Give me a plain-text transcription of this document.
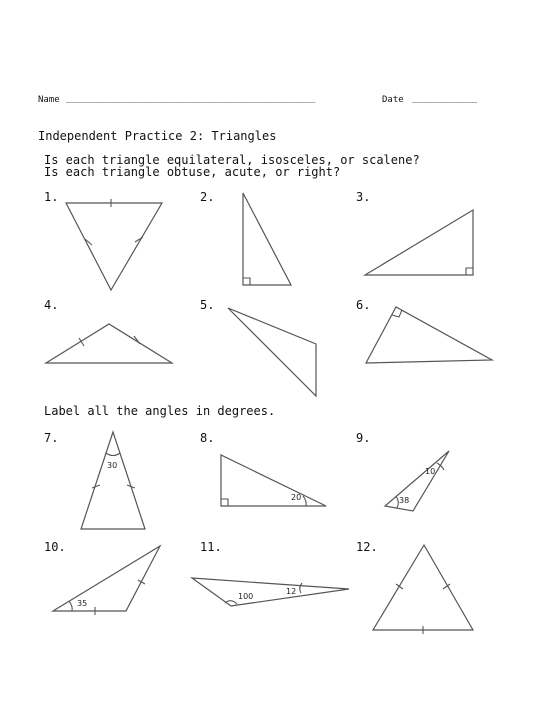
Name ______________________________________________	Date ____________
Independent Practice 2: Triangles
Is each triangle equilateral, isosceles, or scalene?
Is each triangle obtuse, acute, or right?
Label all the angles in degrees.
1.	2.	3.
4.	5.	6.
7.	8.	9.
10.	11.	12.
30
20
10
38
35
100
12
